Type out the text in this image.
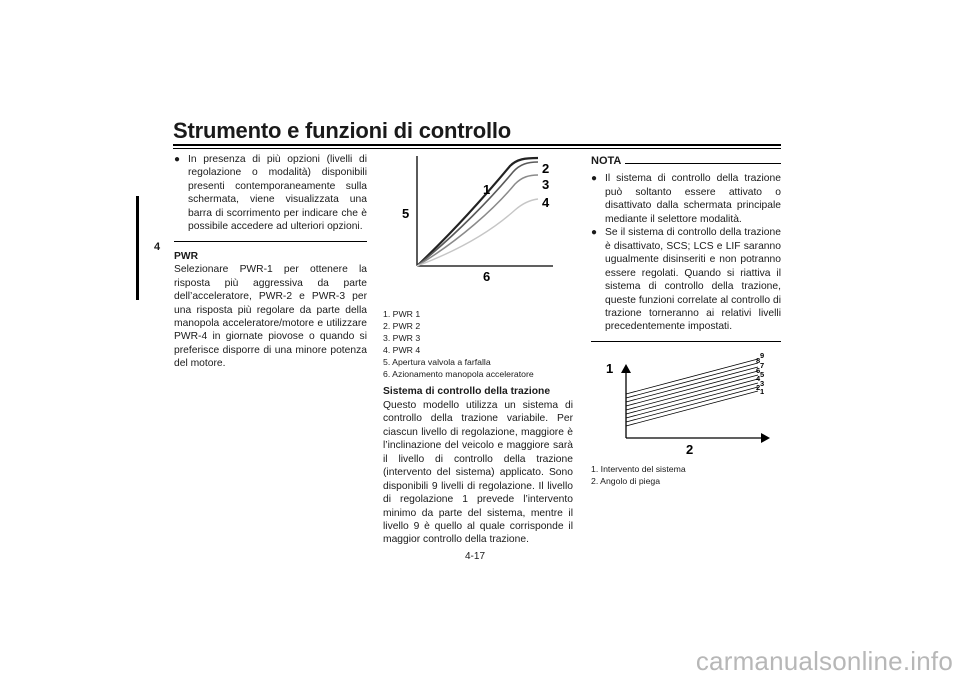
Strumento e funzioni di controllo
4
● In presenza di più opzioni (livelli di regolazione o modalità) disponibili presenti contemporaneamente sulla schermata, viene visualizzata una barra di scorrimento per indicare che è possibile accedere ad ulteriori opzioni.
PWR
Selezionare PWR-1 per ottenere la risposta più aggressiva da parte dell’acceleratore, PWR-2 e PWR-3 per una risposta più regolare da parte della manopola acceleratore/motore e utilizzare PWR-4 in giornate piovose o quando si preferisce disporre di una minore potenza del motore.
1
2
3
4
5
6
1. PWR 1
2. PWR 2
3. PWR 3
4. PWR 4
5. Apertura valvola a farfalla
6. Azionamento manopola acceleratore
Sistema di controllo della trazione
Questo modello utilizza un sistema di controllo della trazione variabile. Per ciascun livello di regolazione, maggiore è l’inclinazione del veicolo e maggiore sarà il livello di controllo della trazione (intervento del sistema) applicato. Sono disponibili 9 livelli di regolazione. Il livello di regolazione 1 prevede l’intervento minimo da parte del sistema, mentre il livello 9 è quello al quale corrisponde il maggior controllo della trazione.
NOTA
● Il sistema di controllo della trazione può soltanto essere attivato o disattivato dalla schermata principale mediante il selettore modalità.
● Se il sistema di controllo della trazione è disattivato, SCS; LCS e LIF saranno ugualmente disinseriti e non potranno essere regolati. Quando si riattiva il sistema di controllo della trazione, queste funzioni correlate al controllo di trazione torneranno ai relativi livelli precedentemente impostati.
1
2 3
4 5
6
7
8
9
1
2
1. Intervento del sistema
2. Angolo di piega
4-17
carmanualsonline.info
